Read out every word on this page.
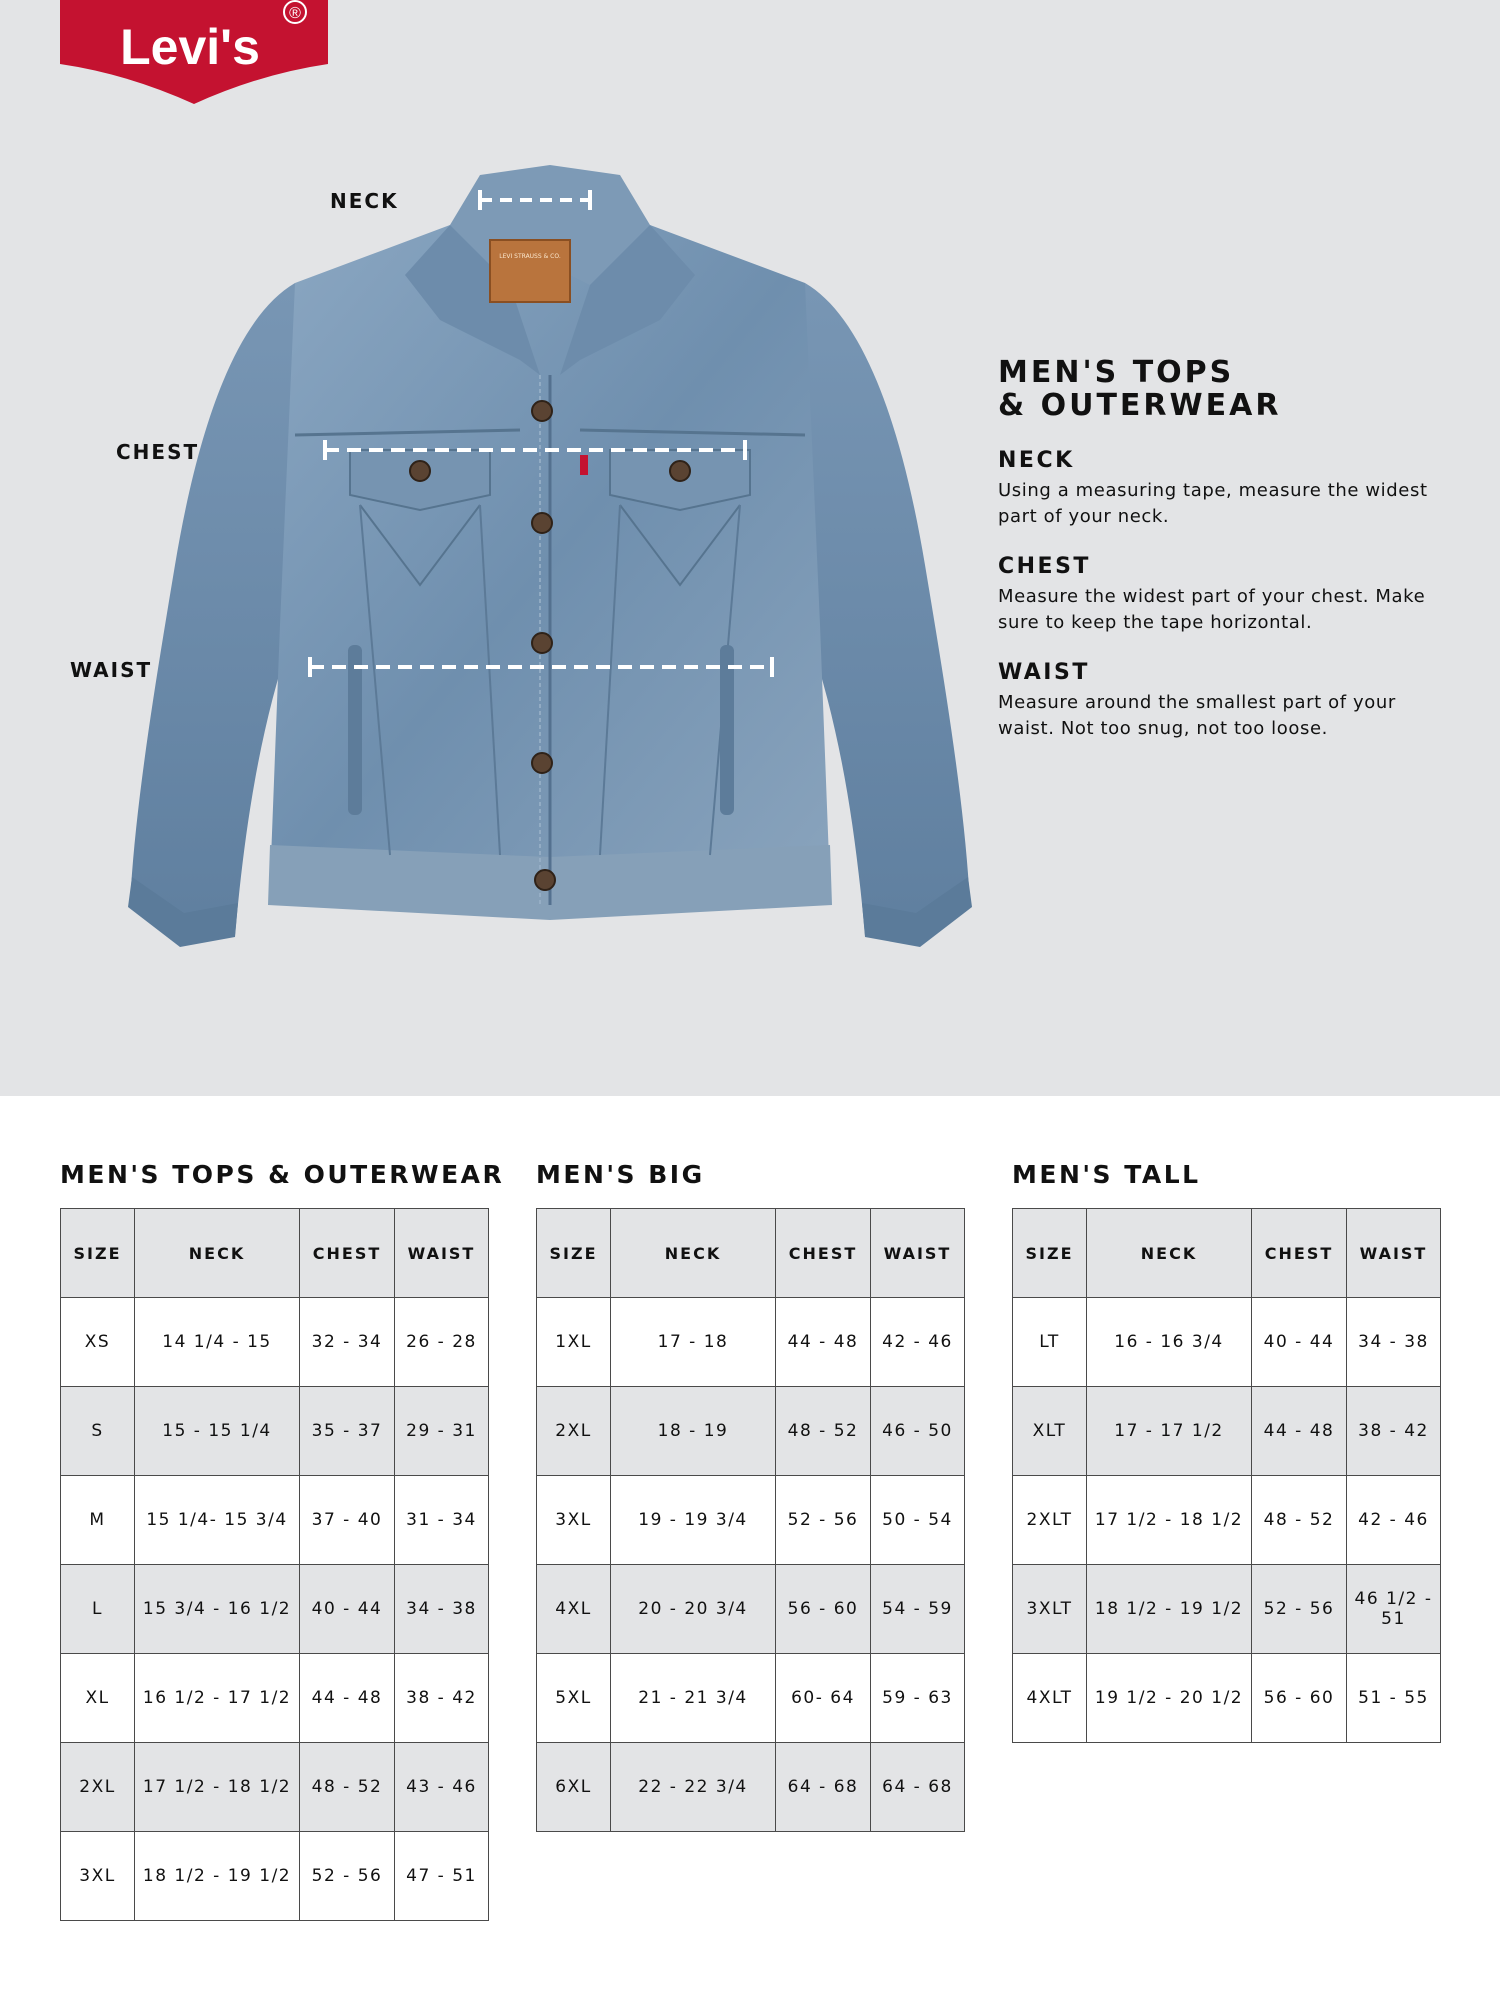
Levi's
®
LEVI STRAUSS & CO.
NECK
CHEST
WAIST
MEN'S TOPS
& OUTERWEAR
NECK

Using a measuring tape, measure the widest part of your neck.

CHEST

Measure the widest part of your chest. Make sure to keep the tape horizontal.

WAIST

Measure around the smallest part of your waist. Not too snug, not too loose.

MEN'S TOPS & OUTERWEAR
SIZE	NECK	CHEST	WAIST
XS	14 1/4 - 15	32 - 34	26 - 28
S	15 - 15 1/4	35 - 37	29 - 31
M	15 1/4- 15 3/4	37 - 40	31 - 34
L	15 3/4 - 16 1/2	40 - 44	34 - 38
XL	16 1/2 - 17 1/2	44 - 48	38 - 42
2XL	17 1/2 - 18 1/2	48 - 52	43 - 46
3XL	18 1/2 - 19 1/2	52 - 56	47 - 51
MEN'S BIG
SIZE	NECK	CHEST	WAIST
1XL	17 - 18	44 - 48	42 - 46
2XL	18 - 19	48 - 52	46 - 50
3XL	19 - 19 3/4	52 - 56	50 - 54
4XL	20 - 20 3/4	56 - 60	54 - 59
5XL	21 - 21 3/4	60- 64	59 - 63
6XL	22 - 22 3/4	64 - 68	64 - 68
MEN'S TALL
SIZE	NECK	CHEST	WAIST
LT	16 - 16 3/4	40 - 44	34 - 38
XLT	17 - 17 1/2	44 - 48	38 - 42
2XLT	17 1/2 - 18 1/2	48 - 52	42 - 46
3XLT	18 1/2 - 19 1/2	52 - 56	46 1/2 - 51
4XLT	19 1/2 - 20 1/2	56 - 60	51 - 55
